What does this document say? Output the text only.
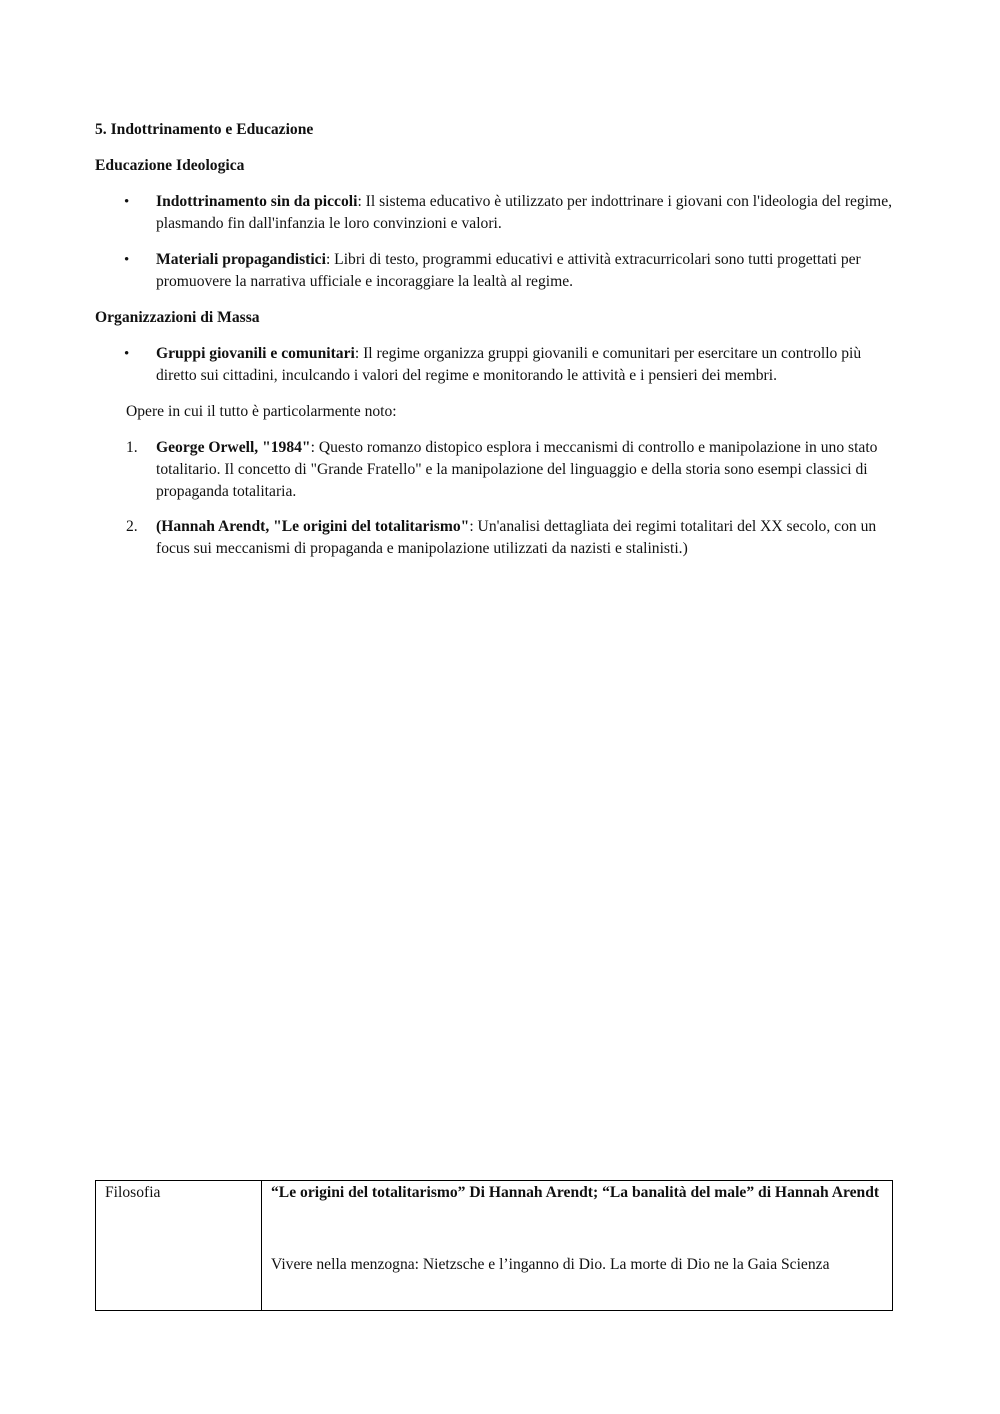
5. Indottrinamento e Educazione
Educazione Ideologica
• Indottrinamento sin da piccoli: Il sistema educativo è utilizzato per indottrinare i giovani con l'ideologia del regime, plasmando fin dall'infanzia le loro convinzioni e valori.
• Materiali propagandistici: Libri di testo, programmi educativi e attività extracurricolari sono tutti progettati per promuovere la narrativa ufficiale e incoraggiare la lealtà al regime.
Organizzazioni di Massa
• Gruppi giovanili e comunitari: Il regime organizza gruppi giovanili e comunitari per esercitare un controllo più diretto sui cittadini, inculcando i valori del regime e monitorando le attività e i pensieri dei membri.

Opere in cui il tutto è particolarmente noto:

1. George Orwell, "1984": Questo romanzo distopico esplora i meccanismi di controllo e manipolazione in uno stato totalitario. Il concetto di "Grande Fratello" e la manipolazione del linguaggio e della storia sono esempi classici di propaganda totalitaria.
2. (Hannah Arendt, "Le origini del totalitarismo": Un'analisi dettagliata dei regimi totalitari del XX secolo, con un focus sui meccanismi di propaganda e manipolazione utilizzati da nazisti e stalinisti.)
Filosofia	“Le origini del totalitarismo” Di Hannah Arendt; “La banalità del male” di Hannah Arendt
Vivere nella menzogna: Nietzsche e l’inganno di Dio. La morte di Dio ne la Gaia Scienza
